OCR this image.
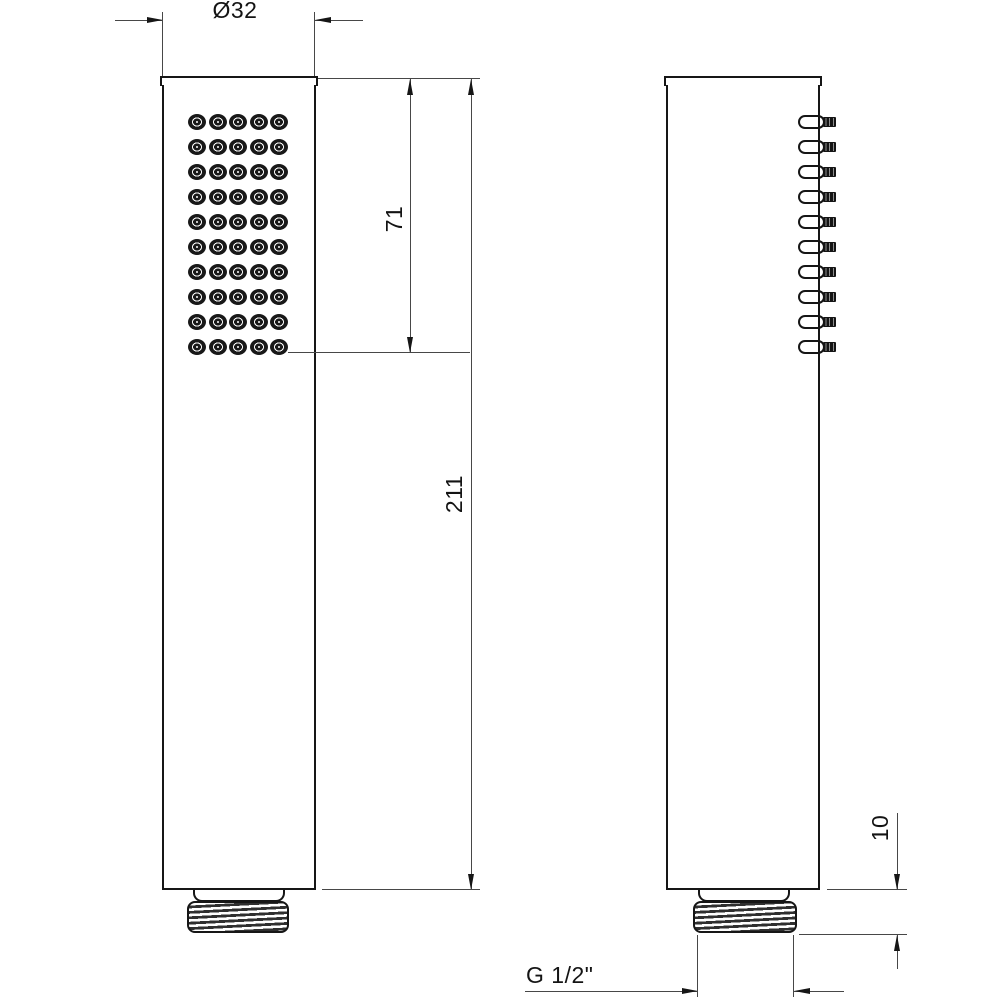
Ø32
71
211
10
G 1/2"
